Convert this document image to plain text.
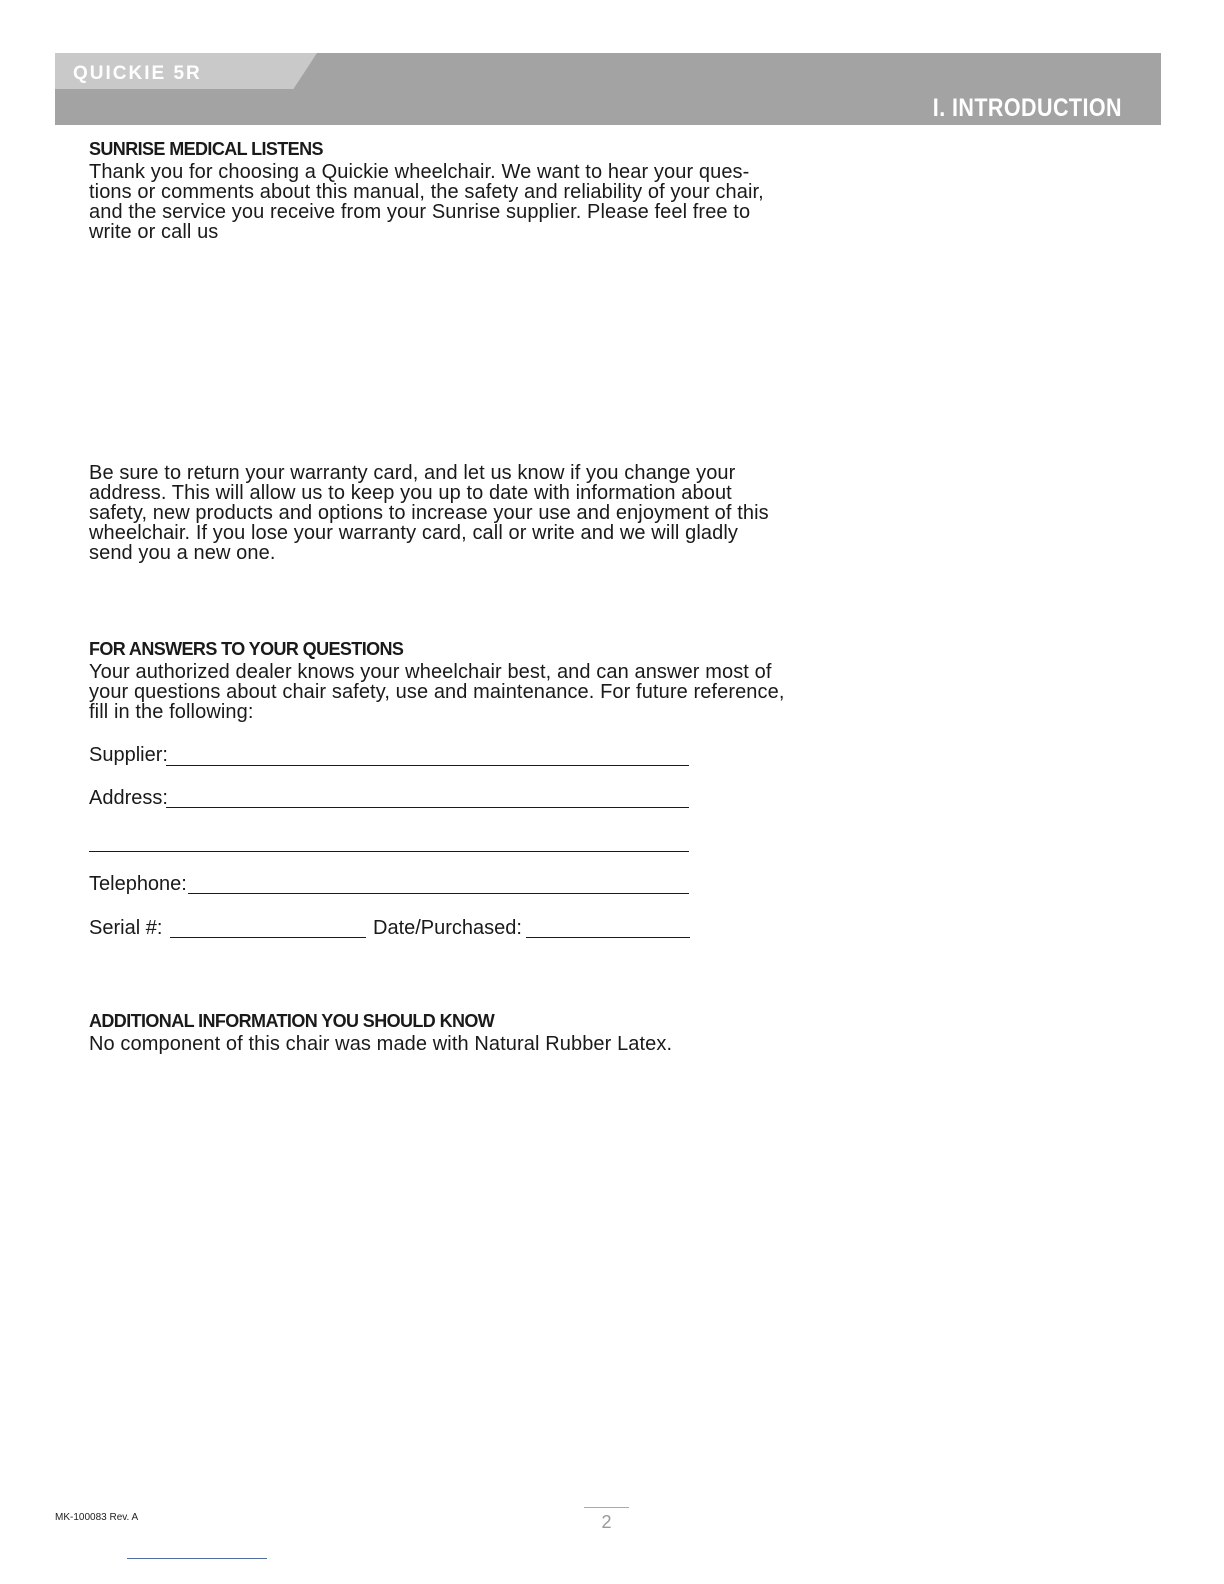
QUICKIE 5R
I. INTRODUCTION

SUNRISE MEDICAL LISTENS

Thank you for choosing a Quickie wheelchair. We want to hear your ques-
tions or comments about this manual, the safety and reliability of your chair,
and the service you receive from your Sunrise supplier. Please feel free to
write or call us

Be sure to return your warranty card, and let us know if you change your
address. This will allow us to keep you up to date with information about
safety, new products and options to increase your use and enjoyment of this
wheelchair. If you lose your warranty card, call or write and we will gladly
send you a new one.

FOR ANSWERS TO YOUR QUESTIONS

Your authorized dealer knows your wheelchair best, and can answer most of
your questions about chair safety, use and maintenance. For future reference,
fill in the following:

Supplier:
Address:
Telephone:
Serial #:	Date/Purchased:

ADDITIONAL INFORMATION YOU SHOULD KNOW

No component of this chair was made with Natural Rubber Latex.

MK-100083 Rev. A	2
